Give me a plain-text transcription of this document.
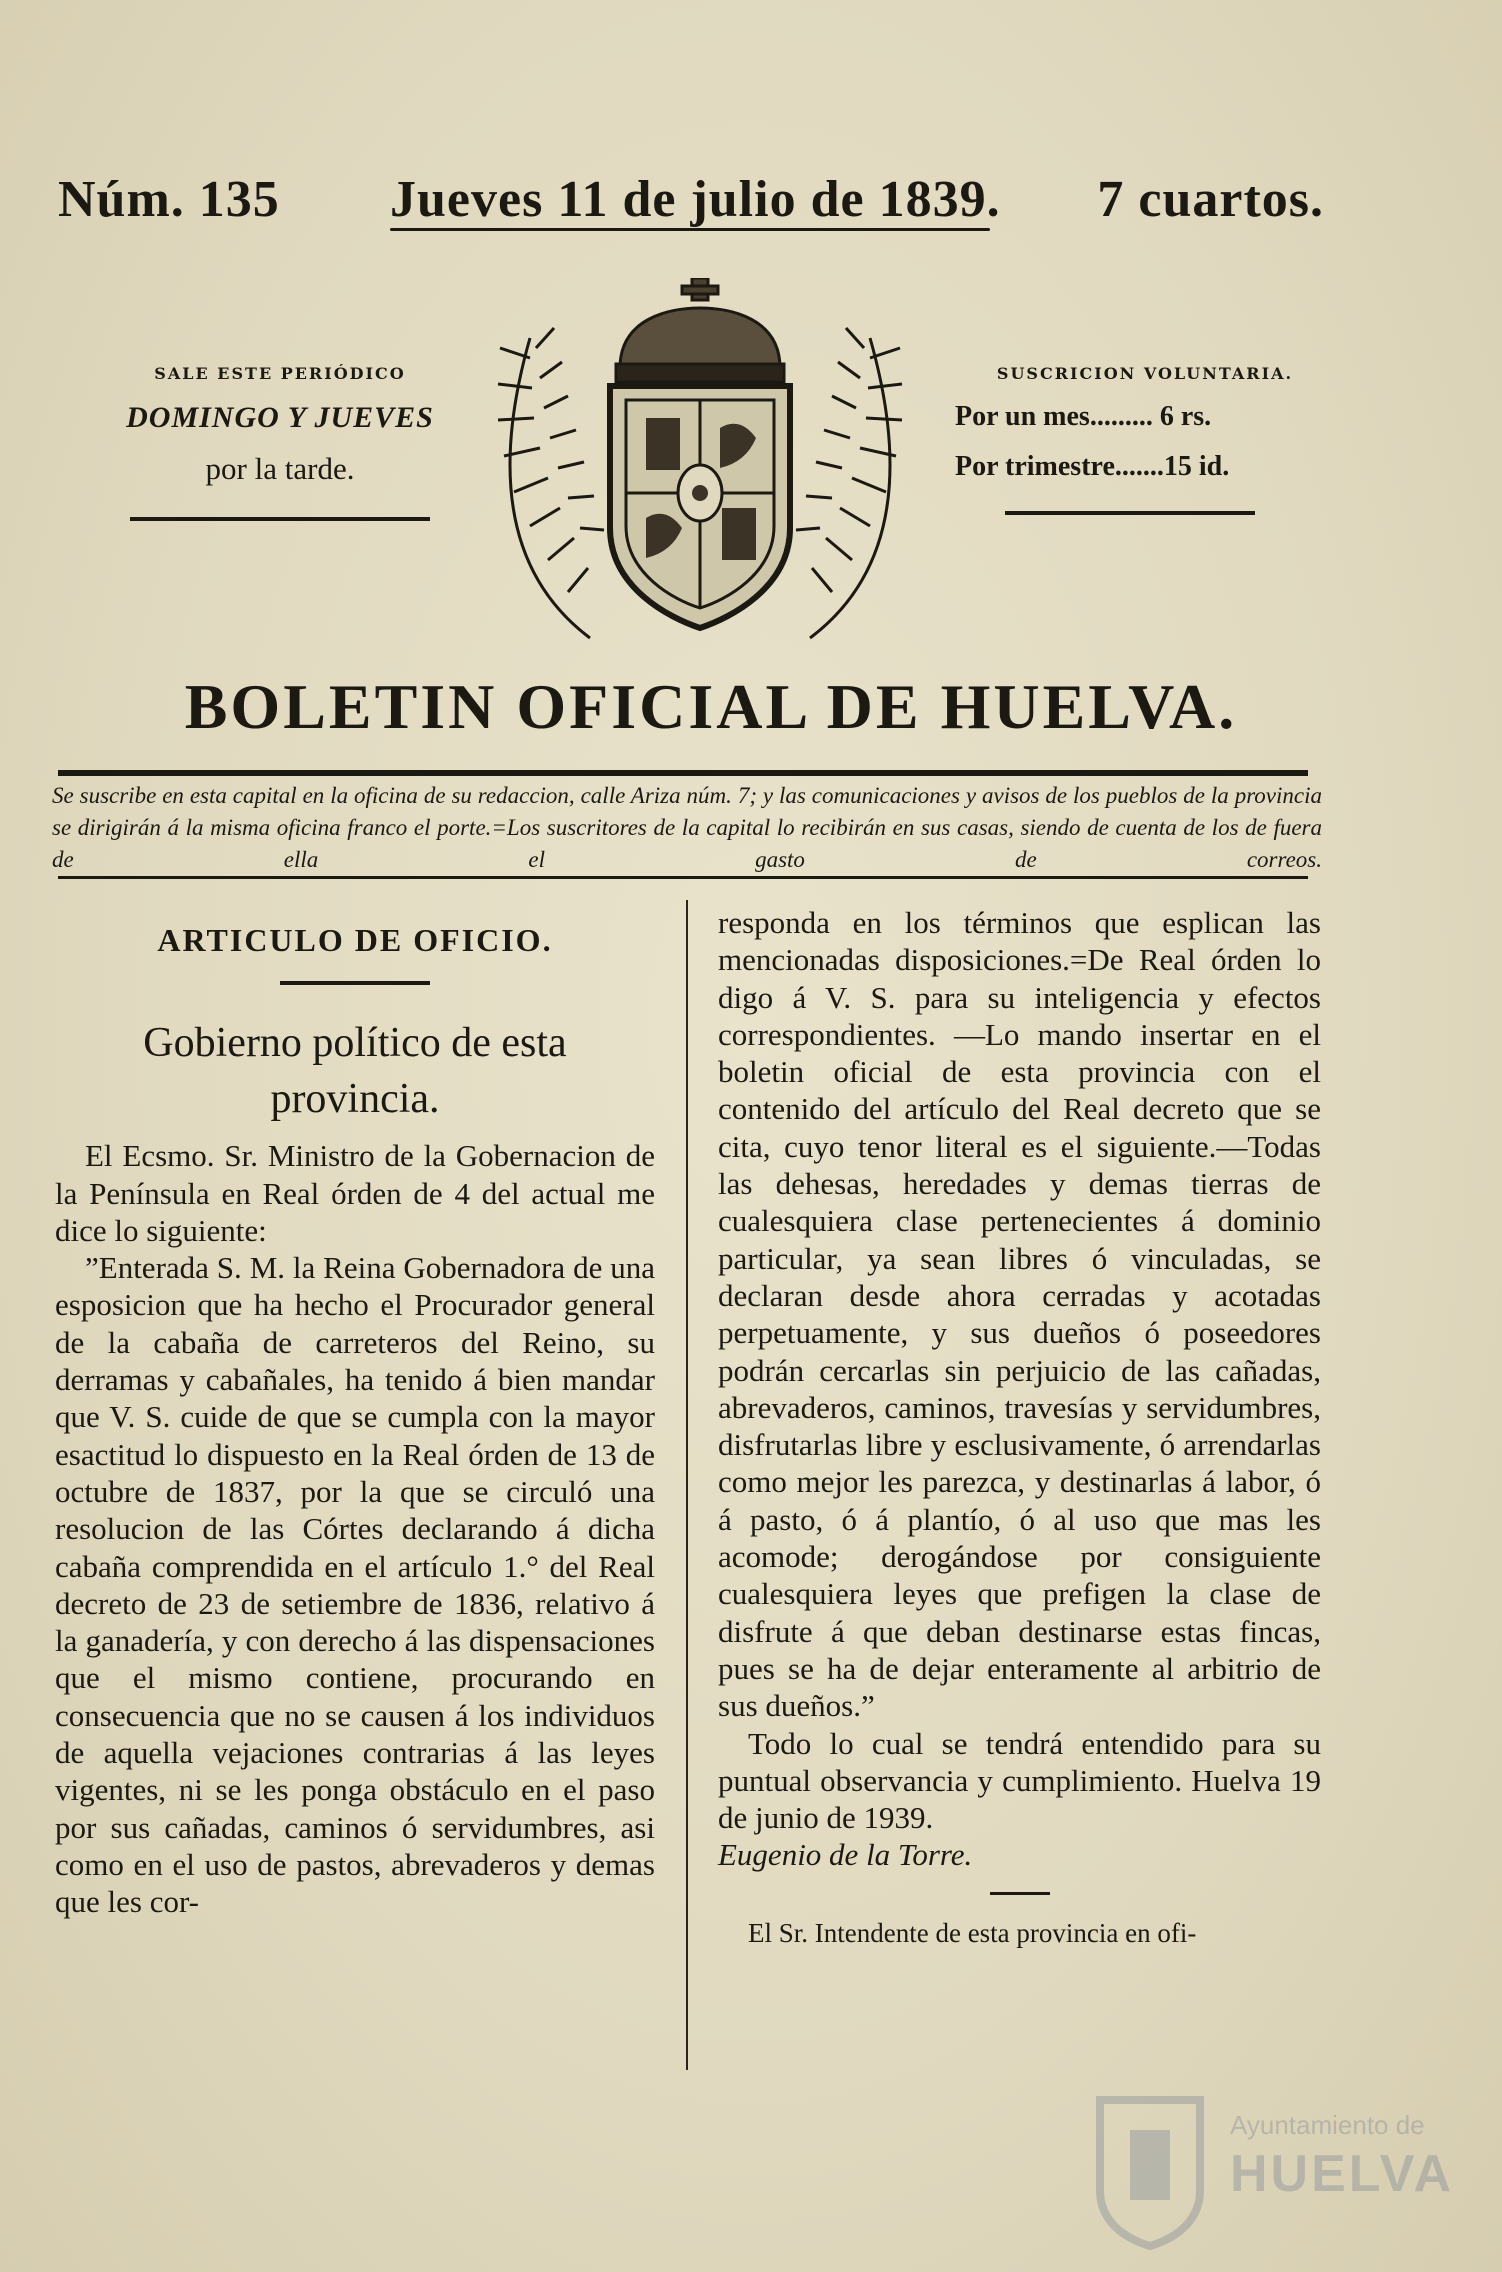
Núm. 135 Jueves 11 de julio de 1839. 7 cuartos.
SALE ESTE PERIÓDICO
DOMINGO Y JUEVES
por la tarde.
SUSCRICION VOLUNTARIA.
Por un mes......... 6 rs.
Por trimestre.......15 id.
BOLETIN OFICIAL DE HUELVA.
Se suscribe en esta capital en la oficina de su redaccion, calle Ariza núm. 7; y las comunicaciones y avisos de los pueblos de la provincia se dirigirán á la misma oficina franco el porte.=Los suscritores de la capital lo recibirán en sus casas, siendo de cuenta de los de fuera de ella el gasto de correos.
ARTICULO DE OFICIO.
Gobierno político de esta provincia.

El Ecsmo. Sr. Ministro de la Gobernacion de la Península en Real órden de 4 del actual me dice lo siguiente:

”Enterada S. M. la Reina Gobernadora de una esposicion que ha hecho el Procurador general de la cabaña de carreteros del Reino, su derramas y cabañales, ha tenido á bien mandar que V. S. cuide de que se cumpla con la mayor esactitud lo dispuesto en la Real órden de 13 de octubre de 1837, por la que se circuló una resolucion de las Córtes declarando á dicha cabaña comprendida en el artículo 1.° del Real decreto de 23 de setiembre de 1836, relativo á la ganadería, y con derecho á las dispensaciones que el mismo contiene, procurando en consecuencia que no se causen á los individuos de aquella vejaciones contrarias á las leyes vigentes, ni se les ponga obstáculo en el paso por sus cañadas, caminos ó servidumbres, asi como en el uso de pastos, abrevaderos y demas que les cor-

responda en los términos que esplican las mencionadas disposiciones.=De Real órden lo digo á V. S. para su inteligencia y efectos correspondientes. —Lo mando insertar en el boletin oficial de esta provincia con el contenido del artículo del Real decreto que se cita, cuyo tenor literal es el siguiente.—Todas las dehesas, heredades y demas tierras de cualesquiera clase pertenecientes á dominio particular, ya sean libres ó vinculadas, se declaran desde ahora cerradas y acotadas perpetuamente, y sus dueños ó poseedores podrán cercarlas sin perjuicio de las cañadas, abrevaderos, caminos, travesías y servidumbres, disfrutarlas libre y esclusivamente, ó arrendarlas como mejor les parezca, y destinarlas á labor, ó á pasto, ó á plantío, ó al uso que mas les acomode; derogándose por consiguiente cualesquiera leyes que prefigen la clase de disfrute á que deban destinarse estas fincas, pues se ha de dejar enteramente al arbitrio de sus dueños.”

Todo lo cual se tendrá entendido para su puntual observancia y cumplimiento. Huelva 19 de junio de 1939.

Eugenio de la Torre.

El Sr. Intendente de esta provincia en ofi-
Ayuntamiento de
HUELVA
